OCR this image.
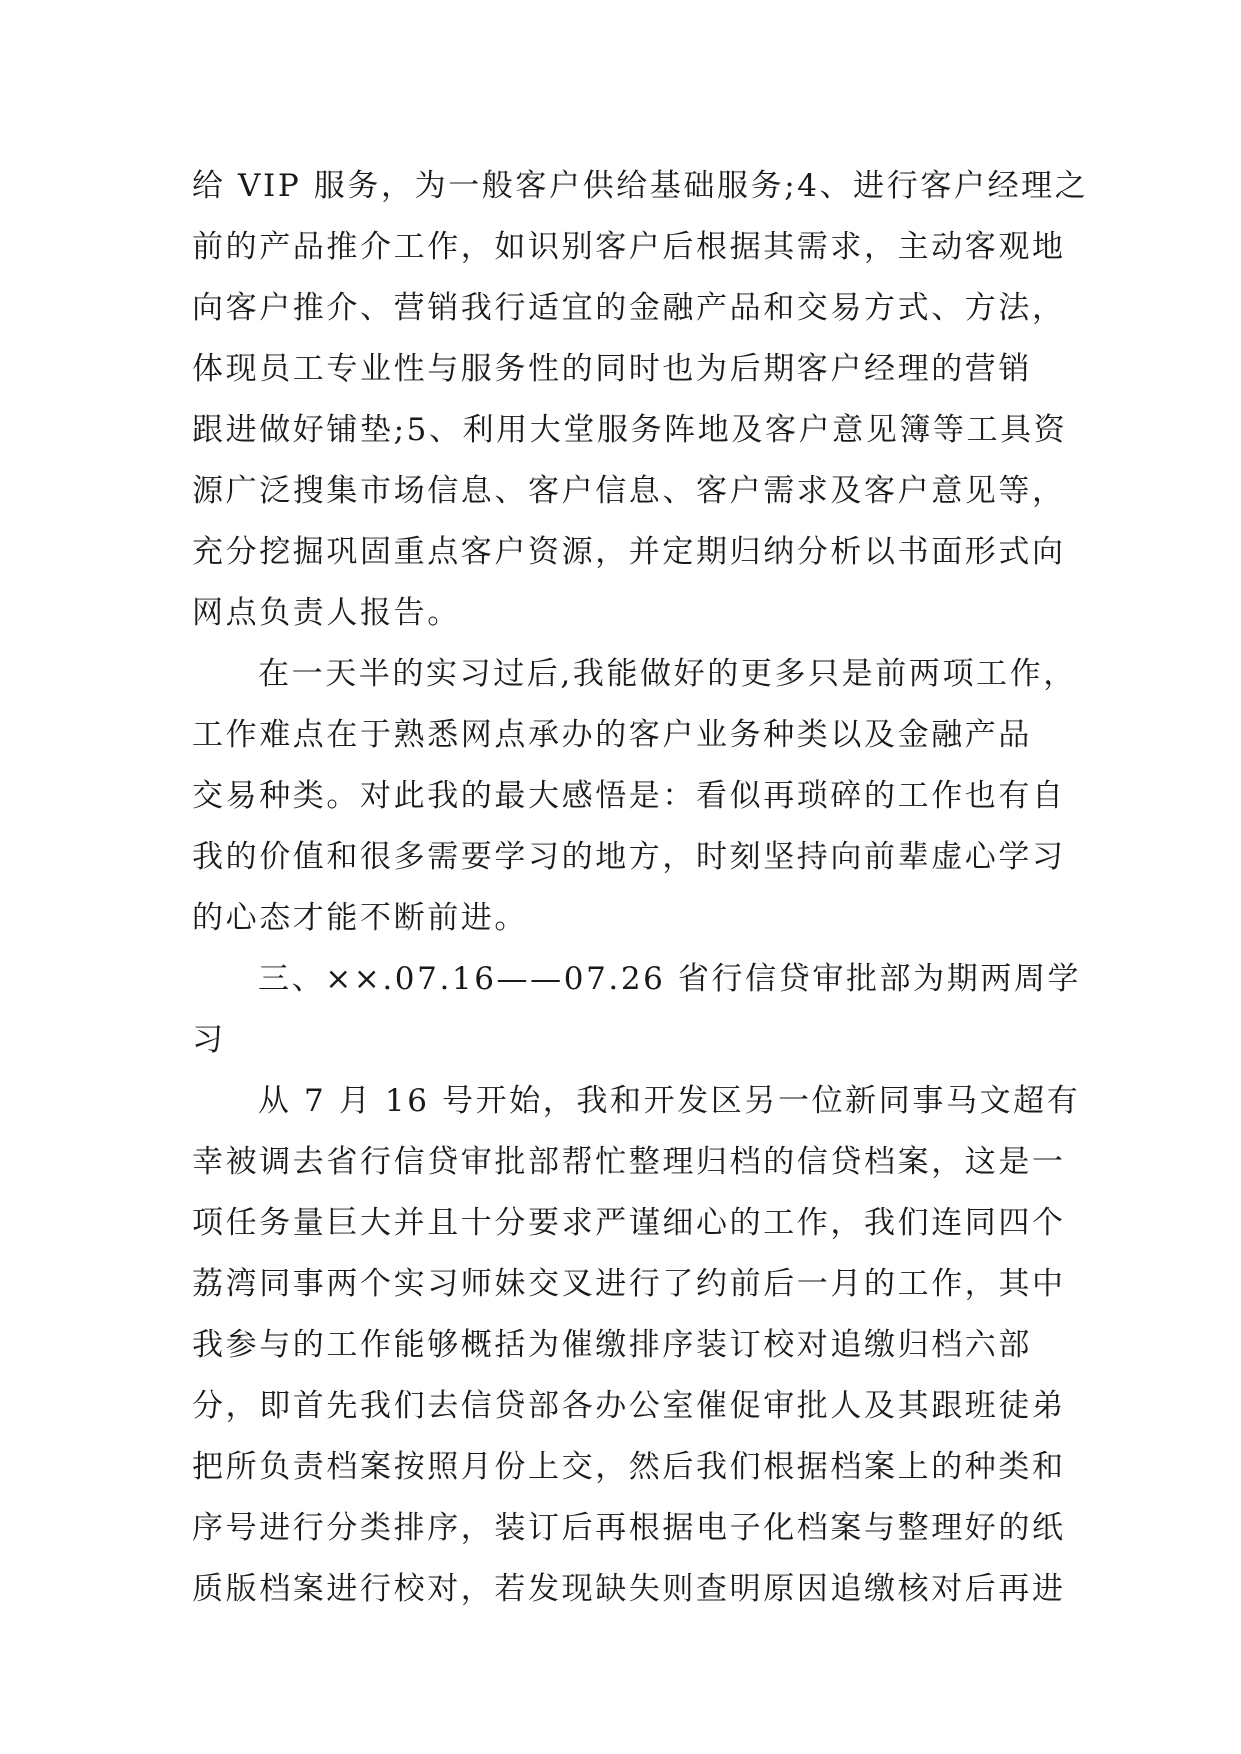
给 VIP 服务，为一般客户供给基础服务;4、进行客户经理之
前的产品推介工作，如识别客户后根据其需求，主动客观地
向客户推介、营销我行适宜的金融产品和交易方式、方法，
体现员工专业性与服务性的同时也为后期客户经理的营销
跟进做好铺垫;5、利用大堂服务阵地及客户意见簿等工具资
源广泛搜集市场信息、客户信息、客户需求及客户意见等，
充分挖掘巩固重点客户资源，并定期归纳分析以书面形式向
网点负责人报告。
在一天半的实习过后,我能做好的更多只是前两项工作，
工作难点在于熟悉网点承办的客户业务种类以及金融产品
交易种类。对此我的最大感悟是：看似再琐碎的工作也有自
我的价值和很多需要学习的地方，时刻坚持向前辈虚心学习
的心态才能不断前进。
三、××.07.16——07.26 省行信贷审批部为期两周学
习
从 7 月 16 号开始，我和开发区另一位新同事马文超有
幸被调去省行信贷审批部帮忙整理归档的信贷档案，这是一
项任务量巨大并且十分要求严谨细心的工作，我们连同四个
荔湾同事两个实习师妹交叉进行了约前后一月的工作，其中
我参与的工作能够概括为催缴排序装订校对追缴归档六部
分，即首先我们去信贷部各办公室催促审批人及其跟班徒弟
把所负责档案按照月份上交，然后我们根据档案上的种类和
序号进行分类排序，装订后再根据电子化档案与整理好的纸
质版档案进行校对，若发现缺失则查明原因追缴核对后再进
